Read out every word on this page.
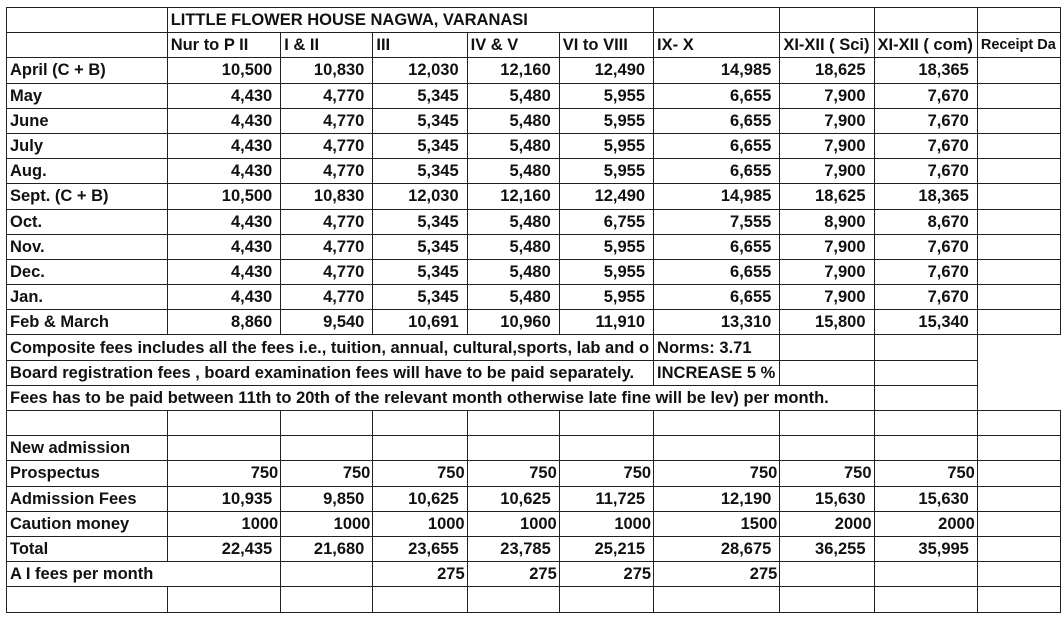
	LITTLE FLOWER HOUSE NAGWA, VARANASI								
	Nur to P II	I & II	III	IV & V	VI to VIII	IX- X	XI-XII ( Sci)	XI-XII ( com)	Receipt Da
April (C + B)	10,500	10,830	12,030	12,160	12,490	14,985	18,625	18,365	
May	4,430	4,770	5,345	5,480	5,955	6,655	7,900	7,670	
June	4,430	4,770	5,345	5,480	5,955	6,655	7,900	7,670	
July	4,430	4,770	5,345	5,480	5,955	6,655	7,900	7,670	
Aug.	4,430	4,770	5,345	5,480	5,955	6,655	7,900	7,670	
Sept. (C + B)	10,500	10,830	12,030	12,160	12,490	14,985	18,625	18,365	
Oct.	4,430	4,770	5,345	5,480	6,755	7,555	8,900	8,670	
Nov.	4,430	4,770	5,345	5,480	5,955	6,655	7,900	7,670	
Dec.	4,430	4,770	5,345	5,480	5,955	6,655	7,900	7,670	
Jan.	4,430	4,770	5,345	5,480	5,955	6,655	7,900	7,670	
Feb & March	8,860	9,540	10,691	10,960	11,910	13,310	15,800	15,340	
Composite fees includes all the fees i.e., tuition, annual, cultural,sports, lab and o						Norms: 3.71			
Board registration fees , board examination fees will have to be paid separately.						INCREASE 5 %			
Fees has to be paid between 11th to 20th of the relevant month otherwise late fine will be lev) per month.									

New admission									
Prospectus	750	750	750	750	750	750	750	750	
Admission Fees	10,935	9,850	10,625	10,625	11,725	12,190	15,630	15,630	
Caution money	1000	1000	1000	1000	1000	1500	2000	2000	
Total	22,435	21,680	23,655	23,785	25,215	28,675	36,255	35,995	
A I fees per month			275	275	275	275			
